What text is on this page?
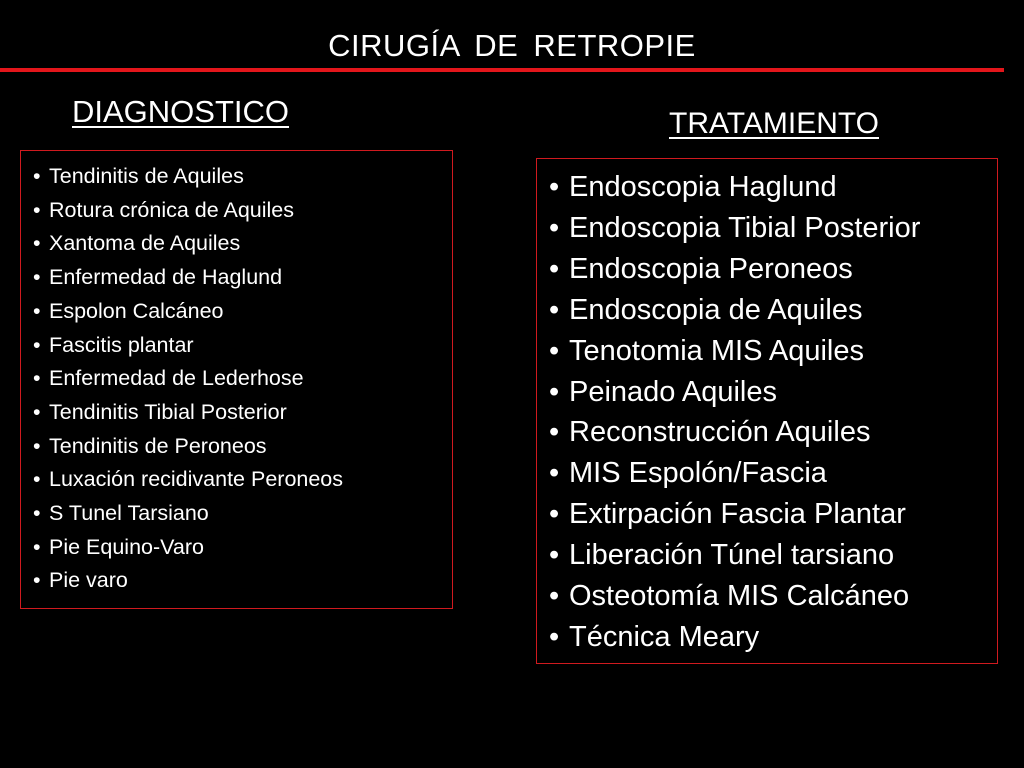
CIRUGÍA DE RETROPIE
DIAGNOSTICO	TRATAMIENTO
• Tendinitis de Aquiles
• Rotura crónica de Aquiles
• Xantoma de Aquiles
• Enfermedad de Haglund
• Espolon Calcáneo
• Fascitis plantar
• Enfermedad de Lederhose
• Tendinitis Tibial Posterior
• Tendinitis de Peroneos
• Luxación recidivante Peroneos
• S Tunel Tarsiano
• Pie Equino-Varo
• Pie varo
• Endoscopia Haglund
• Endoscopia Tibial Posterior
• Endoscopia Peroneos
• Endoscopia de Aquiles
• Tenotomia MIS Aquiles
• Peinado Aquiles
• Reconstrucción Aquiles
• MIS Espolón/Fascia
• Extirpación Fascia Plantar
• Liberación Túnel tarsiano
• Osteotomía MIS Calcáneo
• Técnica Meary
